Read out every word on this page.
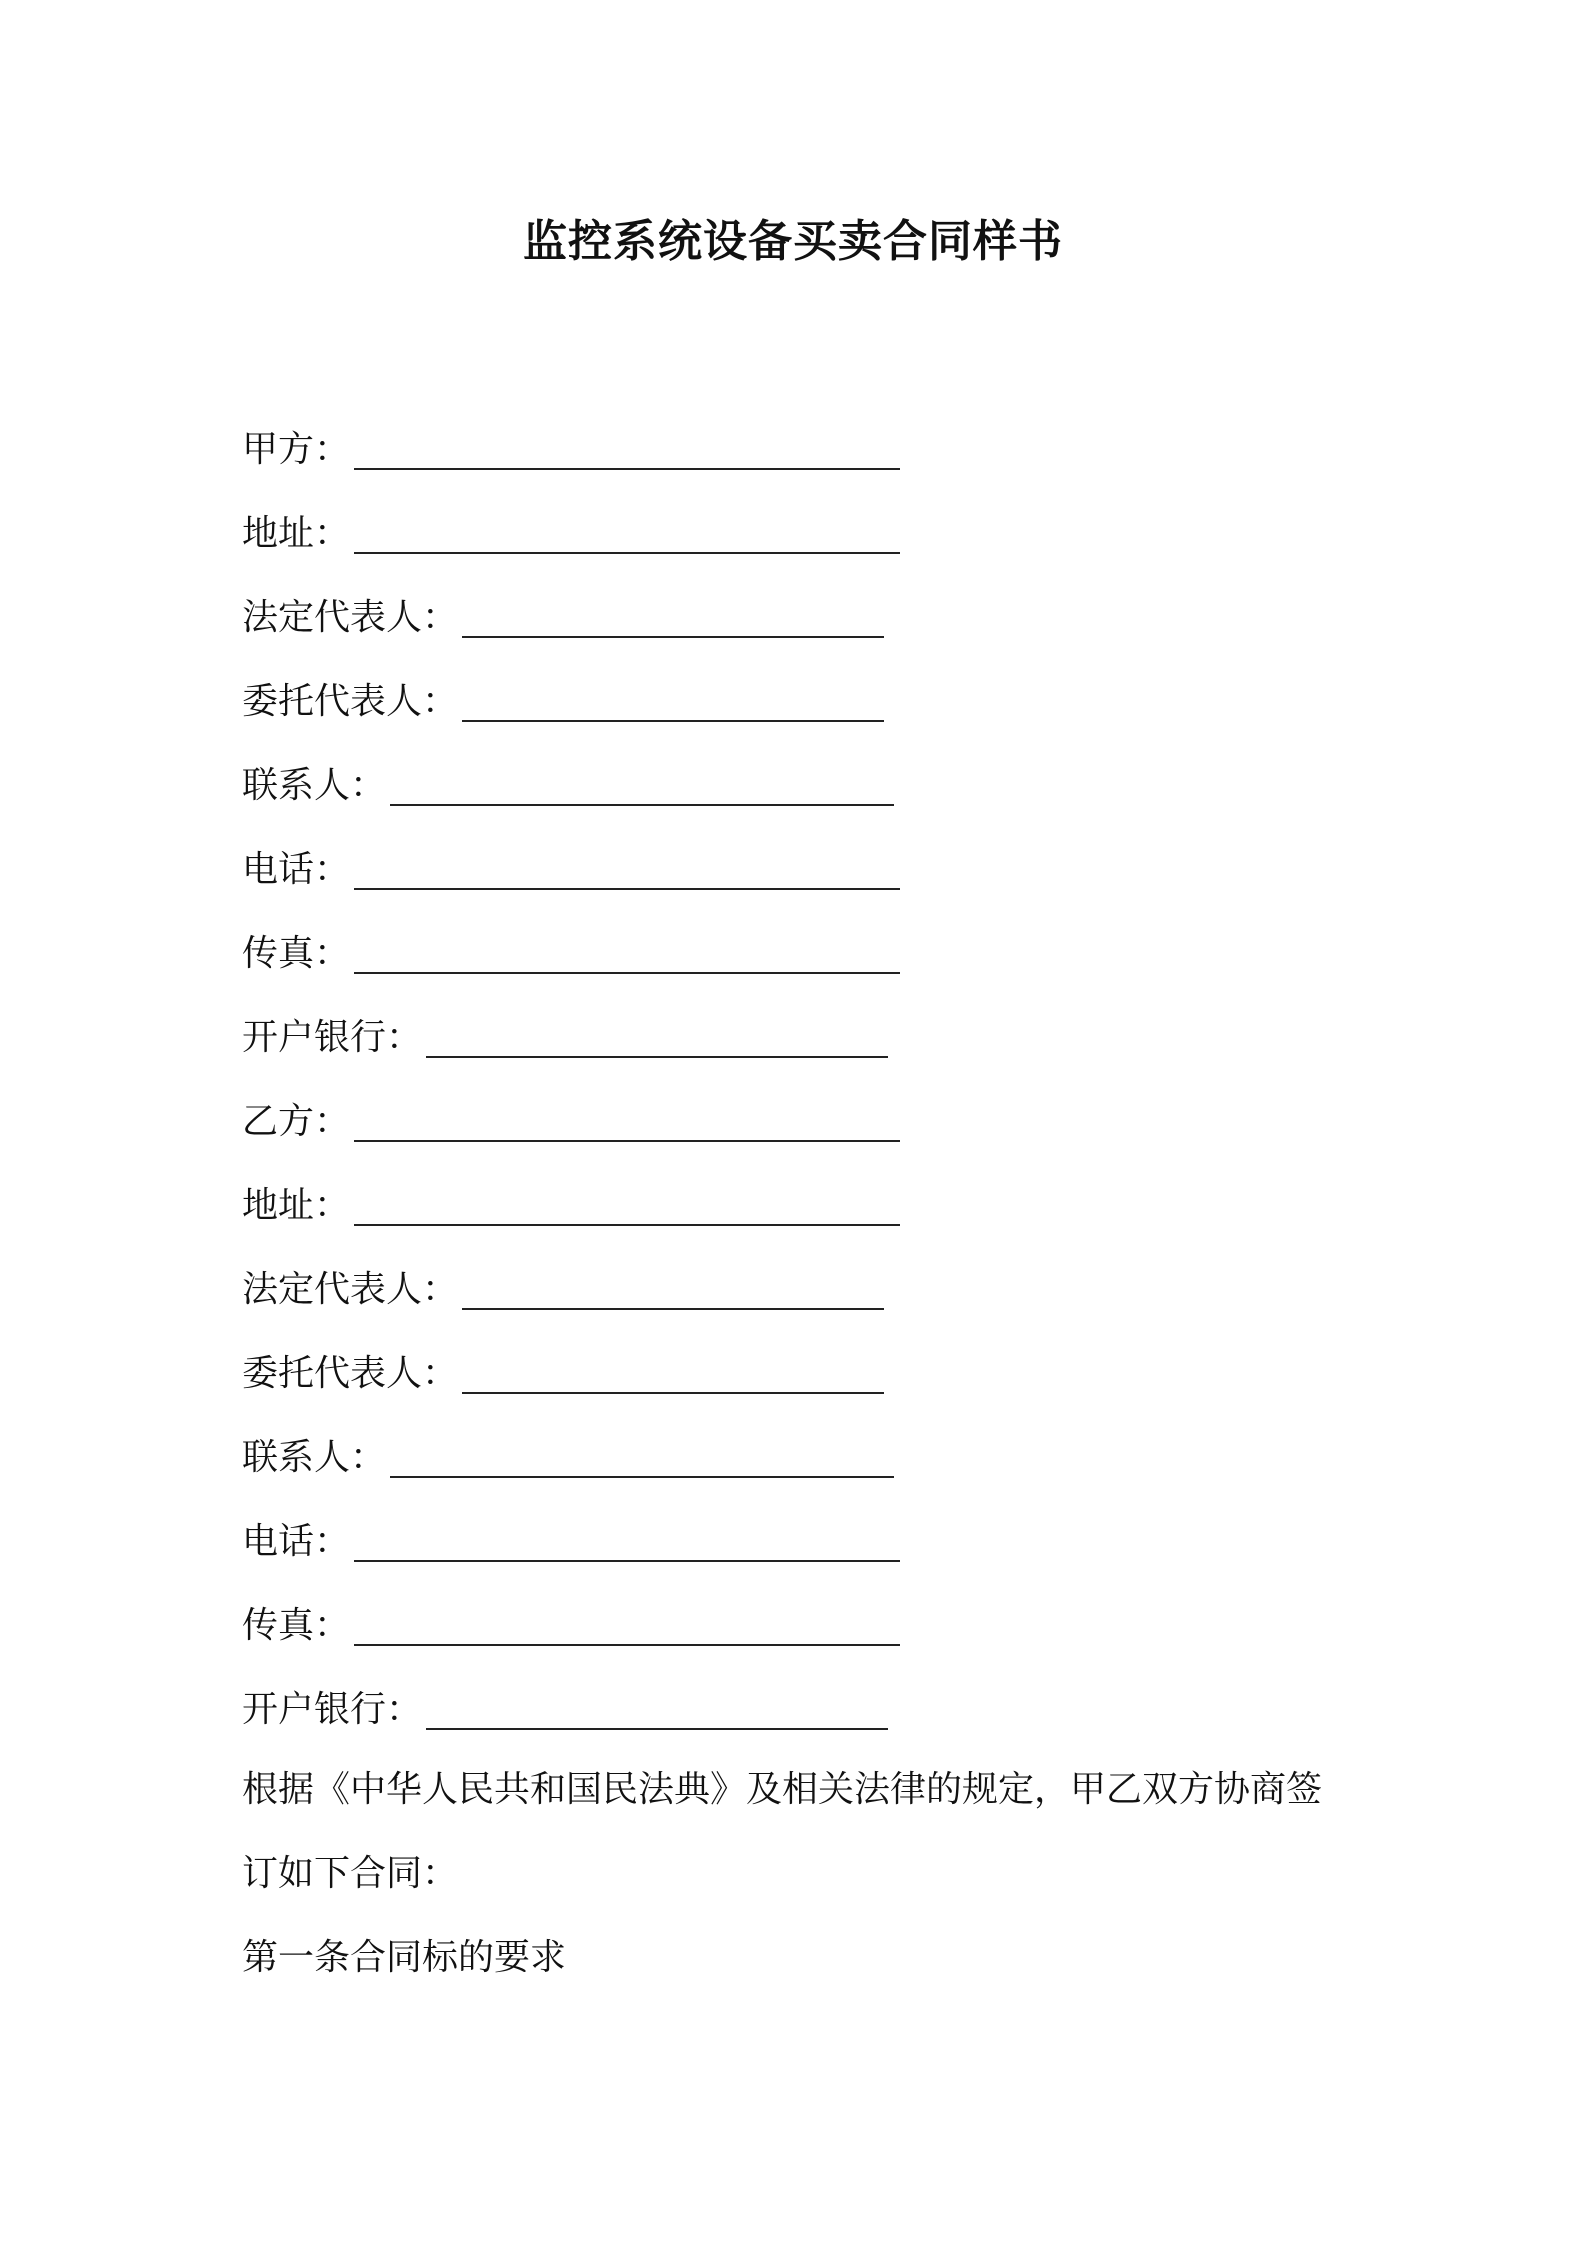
监控系统设备买卖合同样书
甲方：
地址：
法定代表人：
委托代表人：
联系人：
电话：
传真：
开户银行：
乙方：
地址：
法定代表人：
委托代表人：
联系人：
电话：
传真：
开户银行：
根据《中华人民共和国民法典》及相关法律的规定，甲乙双方协商签
订如下合同：
第一条合同标的要求
